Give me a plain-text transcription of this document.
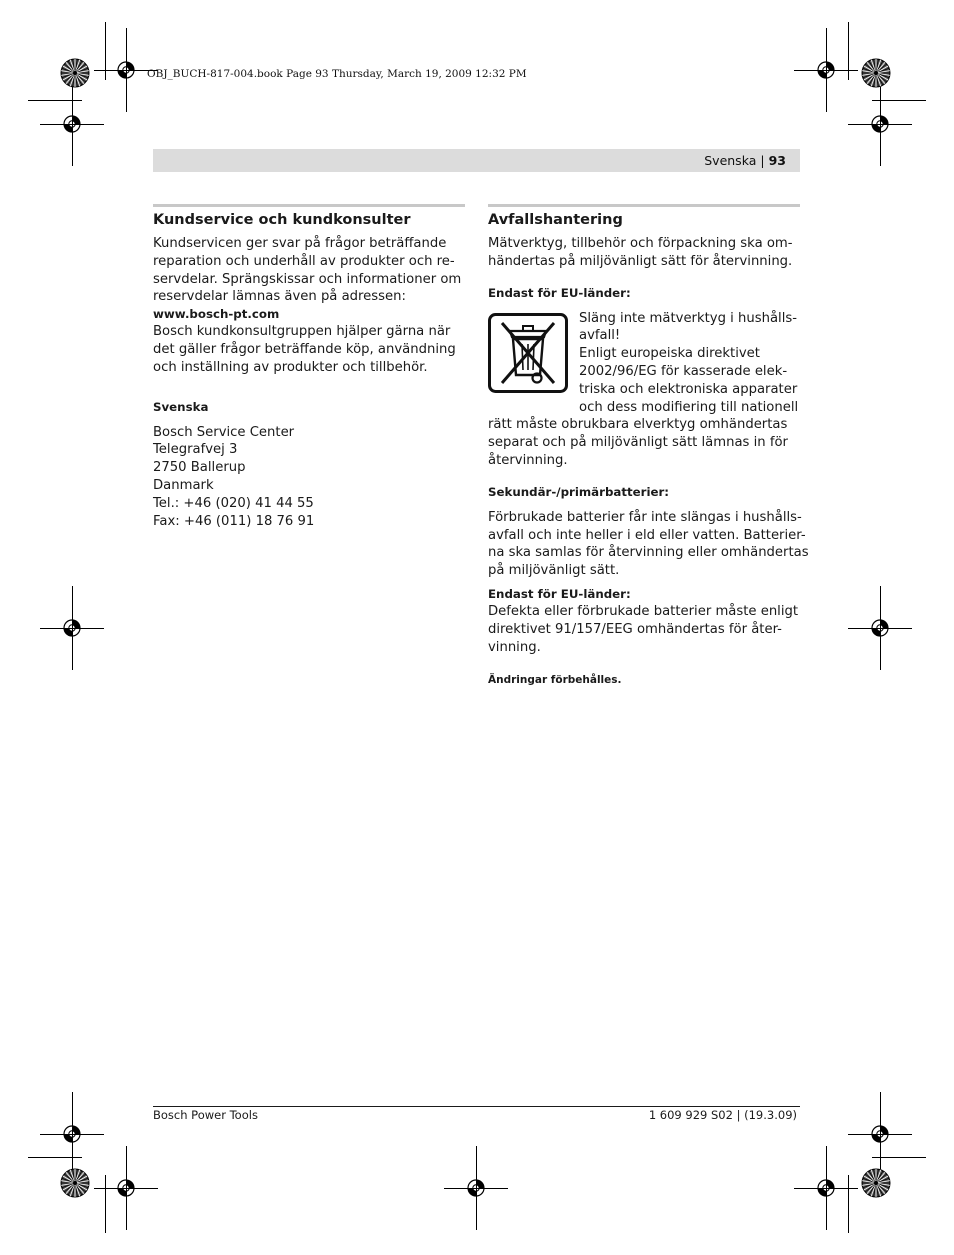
OBJ_BUCH-817-004.book Page 93 Thursday, March 19, 2009 12:32 PM
Svenska | 93
Kundservice och kundkonsulter

Kundservicen ger svar på frågor beträffande
reparation och underhåll av produkter och re-
servdelar. Sprängskissar och informationer om
reservdelar lämnas även på adressen:

www.bosch-pt.com

Bosch kundkonsultgruppen hjälper gärna när
det gäller frågor beträffande köp, användning
och inställning av produkter och tillbehör.

Svenska

Bosch Service Center
Telegrafvej 3
2750 Ballerup
Danmark
Tel.: +46 (020) 41 44 55
Fax: +46 (011) 18 76 91

Avfallshantering

Mätverktyg, tillbehör och förpackning ska om-
händertas på miljövänligt sätt för återvinning.

Endast för EU-länder:

Släng inte mätverktyg i hushålls-
avfall!
Enligt europeiska direktivet
2002/96/EG för kasserade elek-
triska och elektroniska apparater
och dess modifiering till nationell

rätt måste obrukbara elverktyg omhändertas
separat och på miljövänligt sätt lämnas in för
återvinning.

Sekundär-/primärbatterier:

Förbrukade batterier får inte slängas i hushålls-
avfall och inte heller i eld eller vatten. Batterier-
na ska samlas för återvinning eller omhändertas
på miljövänligt sätt.

Endast för EU-länder:

Defekta eller förbrukade batterier måste enligt
direktivet 91/157/EEG omhändertas för åter-
vinning.

Ändringar förbehålles.
Bosch Power Tools	1 609 929 S02 | (19.3.09)
